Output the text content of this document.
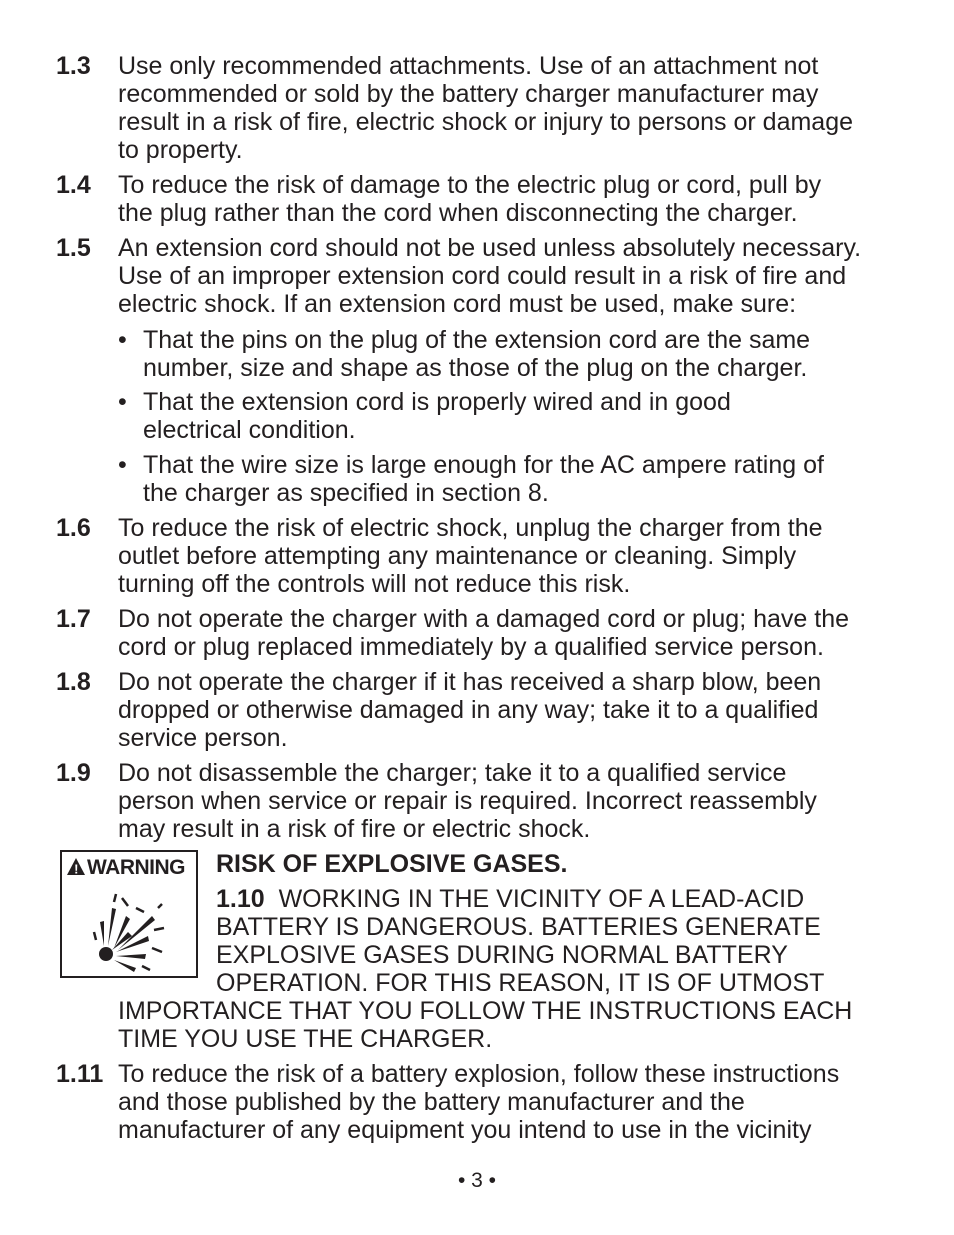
1.3 Use only recommended attachments. Use of an attachment not
recommended or sold by the battery charger manufacturer may
result in a risk of fire, electric shock or injury to persons or damage
to property.
1.4 To reduce the risk of damage to the electric plug or cord, pull by
the plug rather than the cord when disconnecting the charger.
1.5 An extension cord should not be used unless absolutely necessary.
Use of an improper extension cord could result in a risk of fire and
electric shock. If an extension cord must be used, make sure:
• That the pins on the plug of the extension cord are the same
number, size and shape as those of the plug on the charger.
• That the extension cord is properly wired and in good
electrical condition.
• That the wire size is large enough for the AC ampere rating of
the charger as specified in section 8.
1.6 To reduce the risk of electric shock, unplug the charger from the
outlet before attempting any maintenance or cleaning. Simply
turning off the controls will not reduce this risk.
1.7 Do not operate the charger with a damaged cord or plug; have the
cord or plug replaced immediately by a qualified service person.
1.8 Do not operate the charger if it has received a sharp blow, been
dropped or otherwise damaged in any way; take it to a qualified
service person.
1.9 Do not disassemble the charger; take it to a qualified service
person when service or repair is required. Incorrect reassembly
may result in a risk of fire or electric shock.
! WARNING RISK OF EXPLOSIVE GASES.
1.10 WORKING IN THE VICINITY OF A LEAD-ACID
BATTERY IS DANGEROUS. BATTERIES GENERATE
EXPLOSIVE GASES DURING NORMAL BATTERY
OPERATION. FOR THIS REASON, IT IS OF UTMOST
IMPORTANCE THAT YOU FOLLOW THE INSTRUCTIONS EACH
TIME YOU USE THE CHARGER.
1.11 To reduce the risk of a battery explosion, follow these instructions
and those published by the battery manufacturer and the
manufacturer of any equipment you intend to use in the vicinity
• 3 •
